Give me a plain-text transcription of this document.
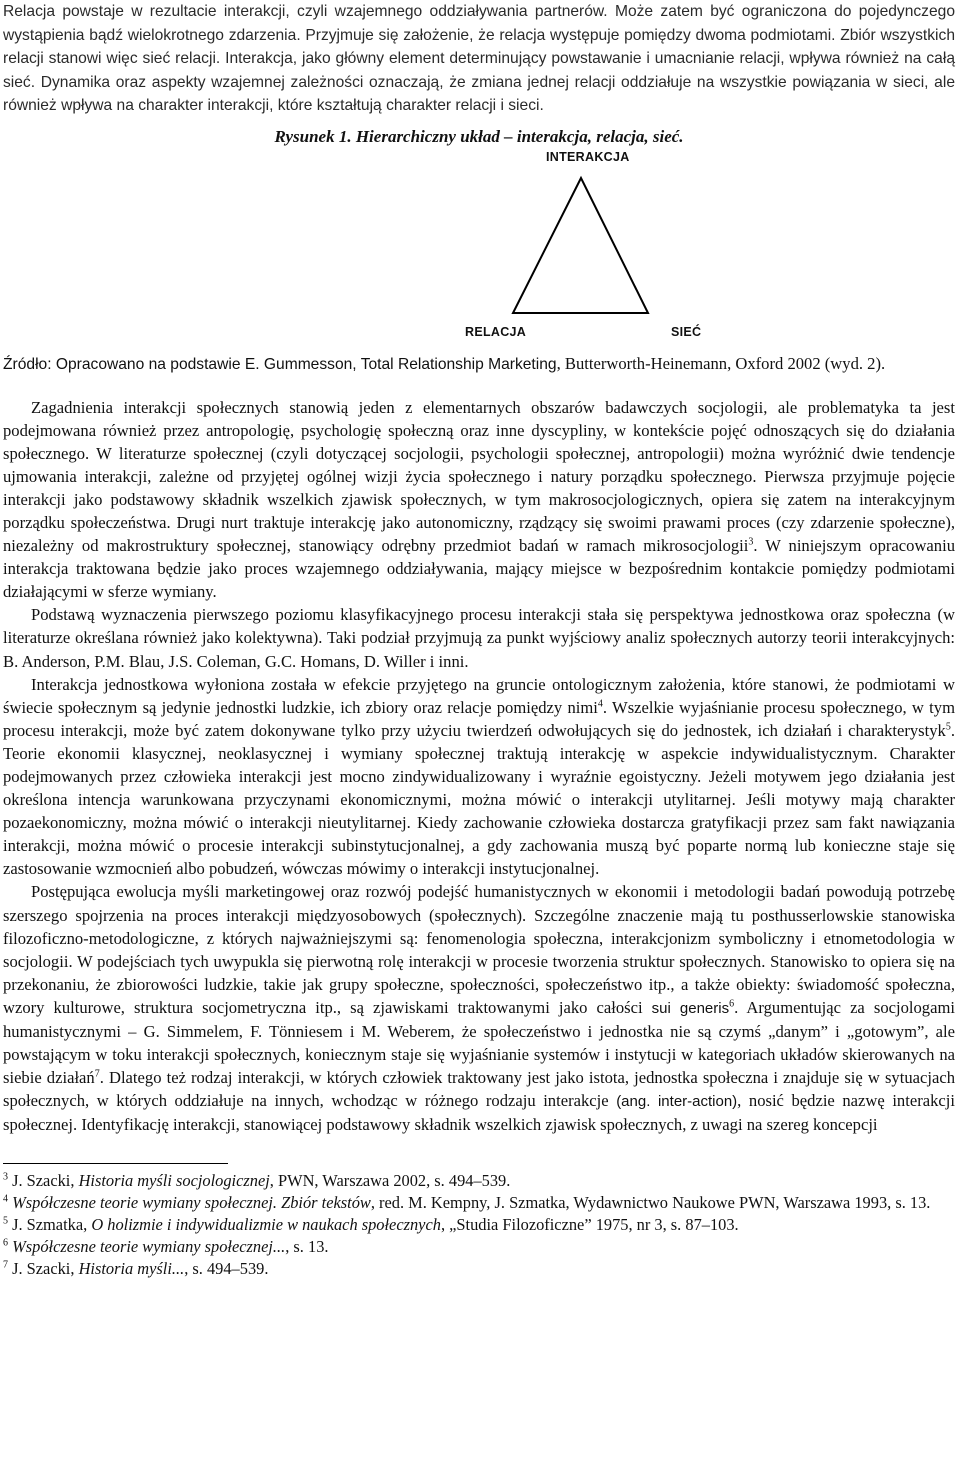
Relacja powstaje w rezultacie interakcji, czyli wzajemnego oddziaływania partnerów. Może zatem być ograniczona do pojedynczego wystąpienia bądź wielokrotnego zdarzenia. Przyjmuje się założenie, że relacja występuje pomiędzy dwoma podmiotami. Zbiór wszystkich relacji stanowi więc sieć relacji. Interakcja, jako główny element determinujący powstawanie i umacnianie relacji, wpływa również na całą sieć. Dynamika oraz aspekty wzajemnej zależności oznaczają, że zmiana jednej relacji oddziałuje na wszystkie powiązania w sieci, ale również wpływa na charakter interakcji, które kształtują charakter relacji i sieci.

Rysunek 1. Hierarchiczny układ – interakcja, relacja, sieć.
INTERAKCJA
RELACJA	SIEĆ

Źródło: Opracowano na podstawie E. Gummesson, Total Relationship Marketing, Butterworth-Heinemann, Oxford 2002 (wyd. 2).

Zagadnienia interakcji społecznych stanowią jeden z elementarnych obszarów badawczych socjologii, ale problematyka ta jest podejmowana również przez antropologię, psychologię społeczną oraz inne dyscypliny, w kontekście pojęć odnoszących się do działania społecznego. W literaturze społecznej (czyli dotyczącej socjologii, psychologii społecznej, antropologii) można wyróżnić dwie tendencje ujmowania interakcji, zależne od przyjętej ogólnej wizji życia społecznego i natury porządku społecznego. Pierwsza przyjmuje pojęcie interakcji jako podstawowy składnik wszelkich zjawisk społecznych, w tym makrosocjologicznych, opiera się zatem na interakcyjnym porządku społeczeństwa. Drugi nurt traktuje interakcję jako autonomiczny, rządzący się swoimi prawami proces (czy zdarzenie społeczne), niezależny od makrostruktury społecznej, stanowiący odrębny przedmiot badań w ramach mikrosocjologii$^3$. W niniejszym opracowaniu interakcja traktowana będzie jako proces wzajemnego oddziaływania, mający miejsce w bezpośrednim kontakcie pomiędzy podmiotami działającymi w sferze wymiany.

Podstawą wyznaczenia pierwszego poziomu klasyfikacyjnego procesu interakcji stała się perspektywa jednostkowa oraz społeczna (w literaturze określana również jako kolektywna). Taki podział przyjmują za punkt wyjściowy analiz społecznych autorzy teorii interakcyjnych: B. Anderson, P.M. Blau, J.S. Coleman, G.C. Homans, D. Willer i inni.

Interakcja jednostkowa wyłoniona została w efekcie przyjętego na gruncie ontologicznym założenia, które stanowi, że podmiotami w świecie społecznym są jedynie jednostki ludzkie, ich zbiory oraz relacje pomiędzy nimi$^4$. Wszelkie wyjaśnianie procesu społecznego, w tym procesu interakcji, może być zatem dokonywane tylko przy użyciu twierdzeń odwołujących się do jednostek, ich działań i charakterystyk$^5$. Teorie ekonomii klasycznej, neoklasycznej i wymiany społecznej traktują interakcję w aspekcie indywidualistycznym. Charakter podejmowanych przez człowieka interakcji jest mocno zindywidualizowany i wyraźnie egoistyczny. Jeżeli motywem jego działania jest określona intencja warunkowana przyczynami ekonomicznymi, można mówić o interakcji utylitarnej. Jeśli motywy mają charakter pozaekonomiczny, można mówić o interakcji nieutylitarnej. Kiedy zachowanie człowieka dostarcza gratyfikacji przez sam fakt nawiązania interakcji, można mówić o procesie interakcji subinstytucjonalnej, a gdy zachowania muszą być poparte normą lub konieczne staje się zastosowanie wzmocnień albo pobudzeń, wówczas mówimy o interakcji instytucjonalnej.

Postępująca ewolucja myśli marketingowej oraz rozwój podejść humanistycznych w ekonomii i metodologii badań powodują potrzebę szerszego spojrzenia na proces interakcji międzyosobowych (społecznych). Szczególne znaczenie mają tu posthusserlowskie stanowiska filozoficzno-metodologiczne, z których najważniejszymi są: fenomenologia społeczna, interakcjonizm symboliczny i etnometodologia w socjologii. W podejściach tych uwypukla się pierwotną rolę interakcji w procesie tworzenia struktur społecznych. Stanowisko to opiera się na przekonaniu, że zbiorowości ludzkie, takie jak grupy społeczne, społeczności, społeczeństwo itp., a także obiekty: świadomość społeczna, wzory kulturowe, struktura socjometryczna itp., są zjawiskami traktowanymi jako całości sui generis$^6$. Argumentując za socjologami humanistycznymi – G. Simmelem, F. Tönniesem i M. Weberem, że społeczeństwo i jednostka nie są czymś „danym” i „gotowym”, ale powstającym w toku interakcji społecznych, koniecznym staje się wyjaśnianie systemów i instytucji w kategoriach układów skierowanych na siebie działań$^7$. Dlatego też rodzaj interakcji, w których człowiek traktowany jest jako istota, jednostka społeczna i znajduje się w sytuacjach społecznych, w których oddziałuje na innych, wchodząc w różnego rodzaju interakcje (ang. inter-action), nosić będzie nazwę interakcji społecznej. Identyfikację interakcji, stanowiącej podstawowy składnik wszelkich zjawisk społecznych, z uwagi na szereg koncepcji

$^3$ J. Szacki, Historia myśli socjologicznej, PWN, Warszawa 2002, s. 494–539.

$^4$ Współczesne teorie wymiany społecznej. Zbiór tekstów, red. M. Kempny, J. Szmatka, Wydawnictwo Naukowe PWN, Warszawa 1993, s. 13.

$^5$ J. Szmatka, O holizmie i indywidualizmie w naukach społecznych, „Studia Filozoficzne” 1975, nr 3, s. 87–103.

$^6$ Współczesne teorie wymiany społecznej..., s. 13.

$^7$ J. Szacki, Historia myśli..., s. 494–539.
